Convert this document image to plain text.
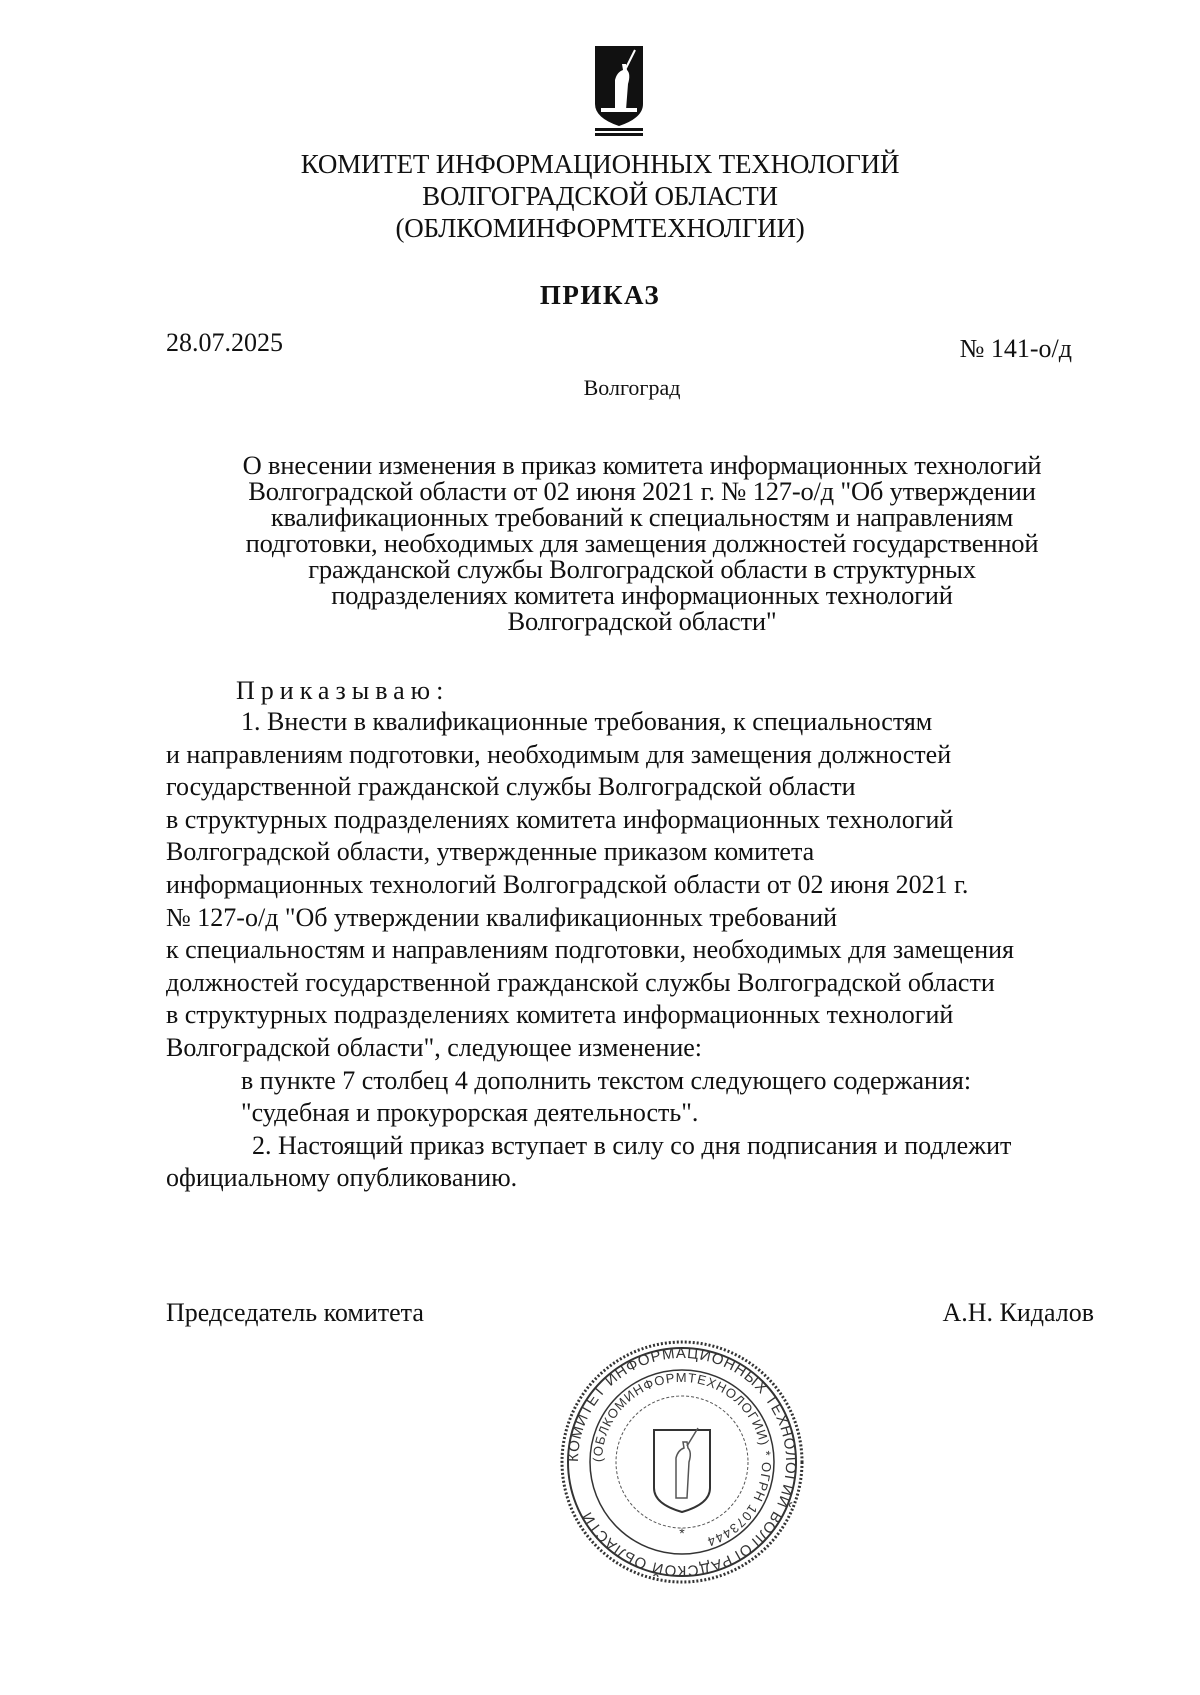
КОМИТЕТ ИНФОРМАЦИОННЫХ ТЕХНОЛОГИЙ
ВОЛГОГРАДСКОЙ ОБЛАСТИ
(ОБЛКОМИНФОРМТЕХНОЛГИИ)
ПРИКАЗ
28.07.2025	№ 141-о/д
Волгоград
О внесении изменения в приказ комитета информационных технологий
Волгоградской области от 02 июня 2021 г. № 127-о/д "Об утверждении
квалификационных требований к специальностям и направлениям
подготовки, необходимых для замещения должностей государственной
гражданской службы Волгоградской области в структурных
подразделениях комитета информационных технологий
Волгоградской области"
Приказываю:
1. Внести в квалификационные требования, к специальностям
и направлениям подготовки, необходимым для замещения должностей
государственной гражданской службы Волгоградской области
в структурных подразделениях комитета информационных технологий
Волгоградской области, утвержденные приказом комитета
информационных технологий Волгоградской области от 02 июня 2021 г.
№ 127-о/д "Об утверждении квалификационных требований
к специальностям и направлениям подготовки, необходимых для замещения
должностей государственной гражданской службы Волгоградской области
в структурных подразделениях комитета информационных технологий
Волгоградской области", следующее изменение:
в пункте 7 столбец 4 дополнить текстом следующего содержания:
"судебная и прокурорская деятельность".
2. Настоящий приказ вступает в силу со дня подписания и подлежит
официальному опубликованию.
Председатель комитета	А.Н. Кидалов
КОМИТЕТ ИНФОРМАЦИОННЫХ ТЕХНОЛОГИЙ ВОЛГОГРАДСКОЙ ОБЛАСТИ
(ОБЛКОМИНФОРМТЕХНОЛОГИИ) * ОГРН 1073444
*
